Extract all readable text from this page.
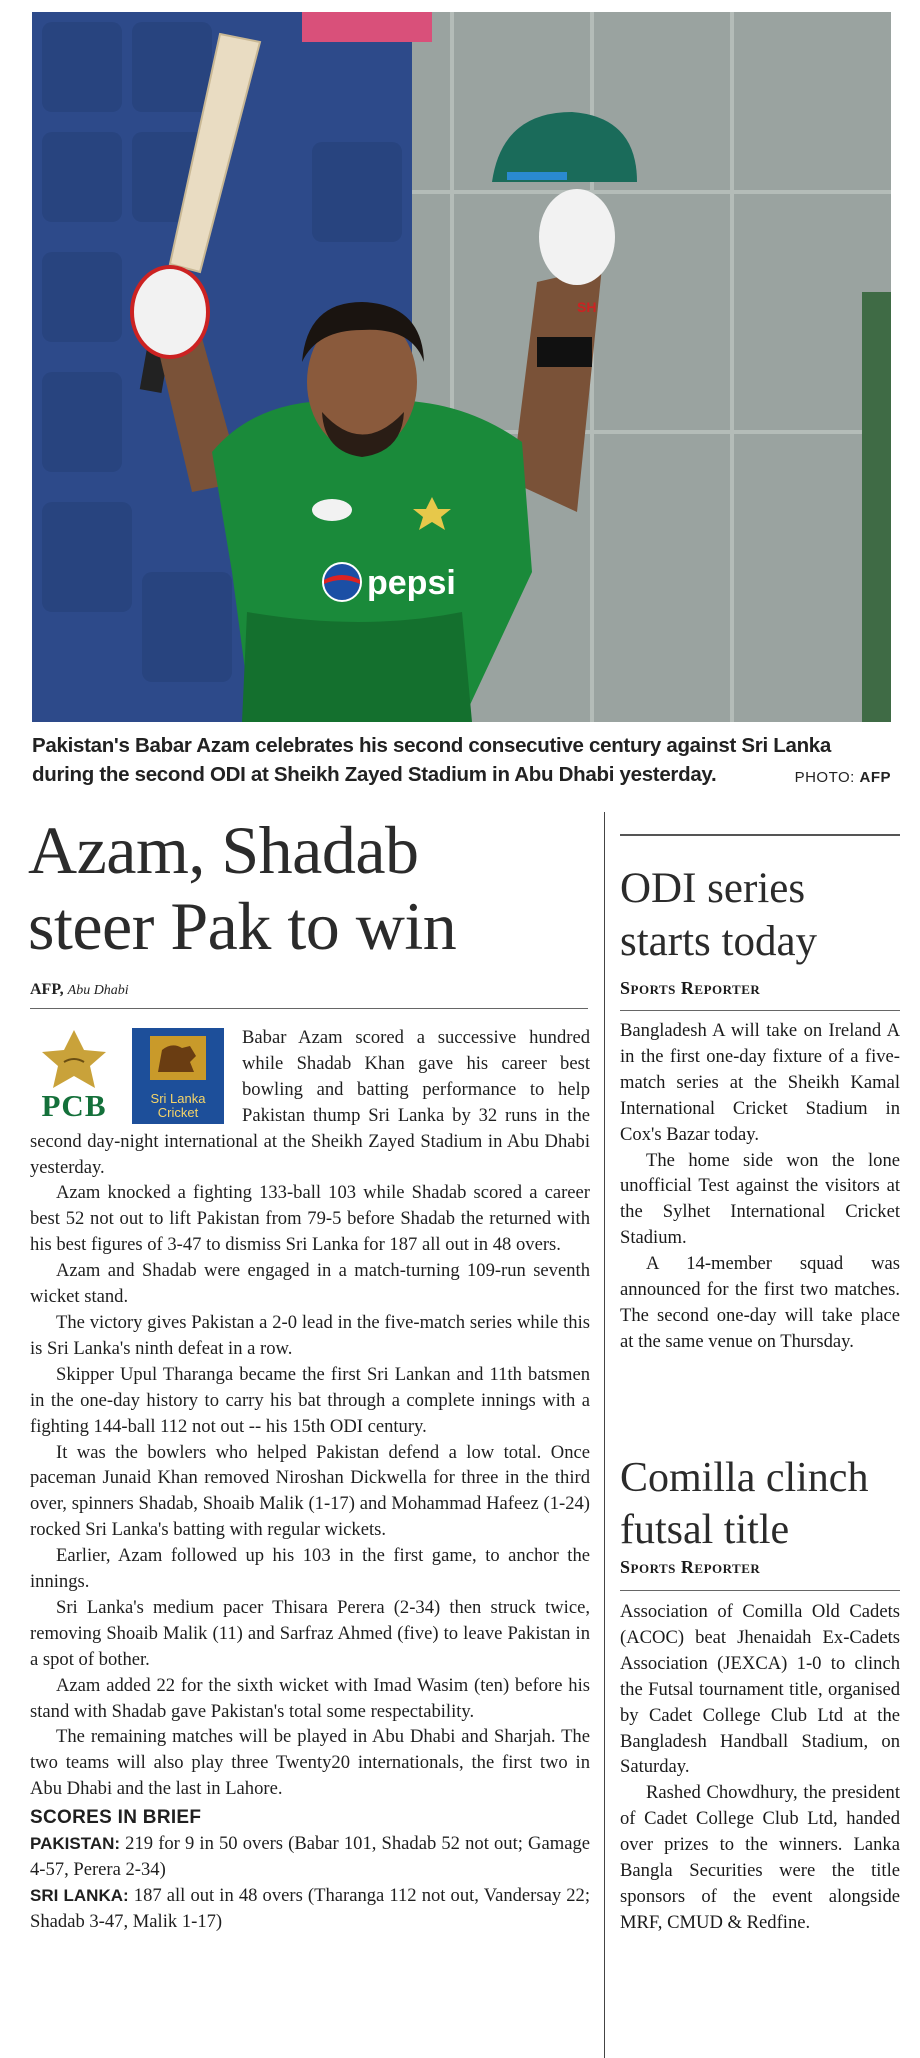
SH
pepsi
Pakistan's Babar Azam celebrates his second consecutive century against Sri Lanka during the second ODI at Sheikh Zayed Stadium in Abu Dhabi yesterday.	PHOTO: AFP
Azam, Shadab
steer Pak to win
AFP, Abu Dhabi
PCB	Sri Lanka
Cricket

Babar Azam scored a successive hundred while Shadab Khan gave his career best bowling and batting performance to help Pakistan thump Sri Lanka by 32 runs in the second day-night international at the Sheikh Zayed Stadium in Abu Dhabi yesterday.

Azam knocked a fighting 133-ball 103 while Shadab scored a career best 52 not out to lift Pakistan from 79-5 before Shadab the returned with his best figures of 3-47 to dismiss Sri Lanka for 187 all out in 48 overs.

Azam and Shadab were engaged in a match-turning 109-run seventh wicket stand.

The victory gives Pakistan a 2-0 lead in the five-match series while this is Sri Lanka's ninth defeat in a row.

Skipper Upul Tharanga became the first Sri Lankan and 11th batsmen in the one-day history to carry his bat through a complete innings with a fighting 144-ball 112 not out -- his 15th ODI century.

It was the bowlers who helped Pakistan defend a low total. Once paceman Junaid Khan removed Niroshan Dickwella for three in the third over, spinners Shadab, Shoaib Malik (1-17) and Mohammad Hafeez (1-24) rocked Sri Lanka's batting with regular wickets.

Earlier, Azam followed up his 103 in the first game, to anchor the innings.

Sri Lanka's medium pacer Thisara Perera (2-34) then struck twice, removing Shoaib Malik (11) and Sarfraz Ahmed (five) to leave Pakistan in a spot of bother.

Azam added 22 for the sixth wicket with Imad Wasim (ten) before his stand with Shadab gave Pakistan's total some respectability.

The remaining matches will be played in Abu Dhabi and Sharjah. The two teams will also play three Twenty20 internationals, the first two in Abu Dhabi and the last in Lahore.

SCORES IN BRIEF

PAKISTAN: 219 for 9 in 50 overs (Babar 101, Shadab 52 not out; Gamage 4-57, Perera 2-34)

SRI LANKA: 187 all out in 48 overs (Tharanga 112 not out, Vandersay 22; Shadab 3-47, Malik 1-17)

ODI series
starts today
Sports Reporter

Bangladesh A will take on Ireland A in the first one-day fixture of a five-match series at the Sheikh Kamal International Cricket Stadium in Cox's Bazar today.

The home side won the lone unofficial Test against the visitors at the Sylhet International Cricket Stadium.

A 14-member squad was announced for the first two matches. The second one-day will take place at the same venue on Thursday.

Comilla clinch
futsal title
Sports Reporter

Association of Comilla Old Cadets (ACOC) beat Jhenaidah Ex-Cadets Association (JEXCA) 1-0 to clinch the Futsal tournament title, organised by Cadet College Club Ltd at the Bangladesh Handball Stadium, on Saturday.

Rashed Chowdhury, the president of Cadet College Club Ltd, handed over prizes to the winners. Lanka Bangla Securities were the title sponsors of the event alongside MRF, CMUD & Redfine.
